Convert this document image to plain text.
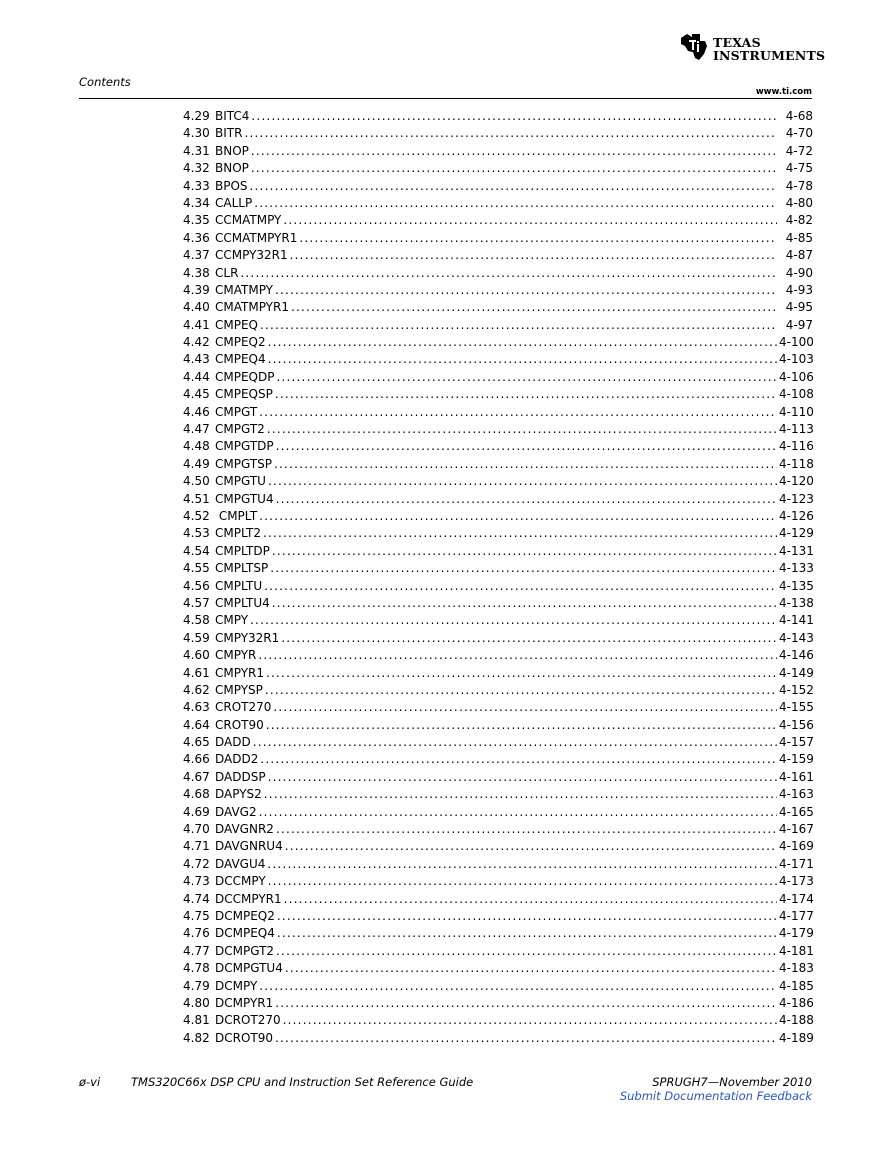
TEXAS
INSTRUMENTS
Contents
www.ti.com
4.29 BITC4 .....	4-68
4.30 BITR .....	4-70
4.31 BNOP .....	4-72
4.32 BNOP .....	4-75
4.33 BPOS .....	4-78
4.34 CALLP .....	4-80
4.35 CCMATMPY .....	4-82
4.36 CCMATMPYR1 .....	4-85
4.37 CCMPY32R1 .....	4-87
4.38 CLR .....	4-90
4.39 CMATMPY .....	4-93
4.40 CMATMPYR1 .....	4-95
4.41 CMPEQ .....	4-97
4.42 CMPEQ2 .....	4-100
4.43 CMPEQ4 .....	4-103
4.44 CMPEQDP .....	4-106
4.45 CMPEQSP .....	4-108
4.46 CMPGT .....	4-110
4.47 CMPGT2 .....	4-113
4.48 CMPGTDP .....	4-116
4.49 CMPGTSP .....	4-118
4.50 CMPGTU .....	4-120
4.51 CMPGTU4 .....	4-123
4.52 CMPLT .....	4-126
4.53 CMPLT2 .....	4-129
4.54 CMPLTDP .....	4-131
4.55 CMPLTSP .....	4-133
4.56 CMPLTU .....	4-135
4.57 CMPLTU4 .....	4-138
4.58 CMPY .....	4-141
4.59 CMPY32R1 .....	4-143
4.60 CMPYR .....	4-146
4.61 CMPYR1 .....	4-149
4.62 CMPYSP .....	4-152
4.63 CROT270 .....	4-155
4.64 CROT90 .....	4-156
4.65 DADD .....	4-157
4.66 DADD2 .....	4-159
4.67 DADDSP .....	4-161
4.68 DAPYS2 .....	4-163
4.69 DAVG2 .....	4-165
4.70 DAVGNR2 .....	4-167
4.71 DAVGNRU4 .....	4-169
4.72 DAVGU4 .....	4-171
4.73 DCCMPY .....	4-173
4.74 DCCMPYR1 .....	4-174
4.75 DCMPEQ2 .....	4-177
4.76 DCMPEQ4 .....	4-179
4.77 DCMPGT2 .....	4-181
4.78 DCMPGTU4 .....	4-183
4.79 DCMPY .....	4-185
4.80 DCMPYR1 .....	4-186
4.81 DCROT270 .....	4-188
4.82 DCROT90 .....	4-189
ø-vi	TMS320C66x DSP CPU and Instruction Set Reference Guide	SPRUGH7—November 2010
Submit Documentation Feedback
